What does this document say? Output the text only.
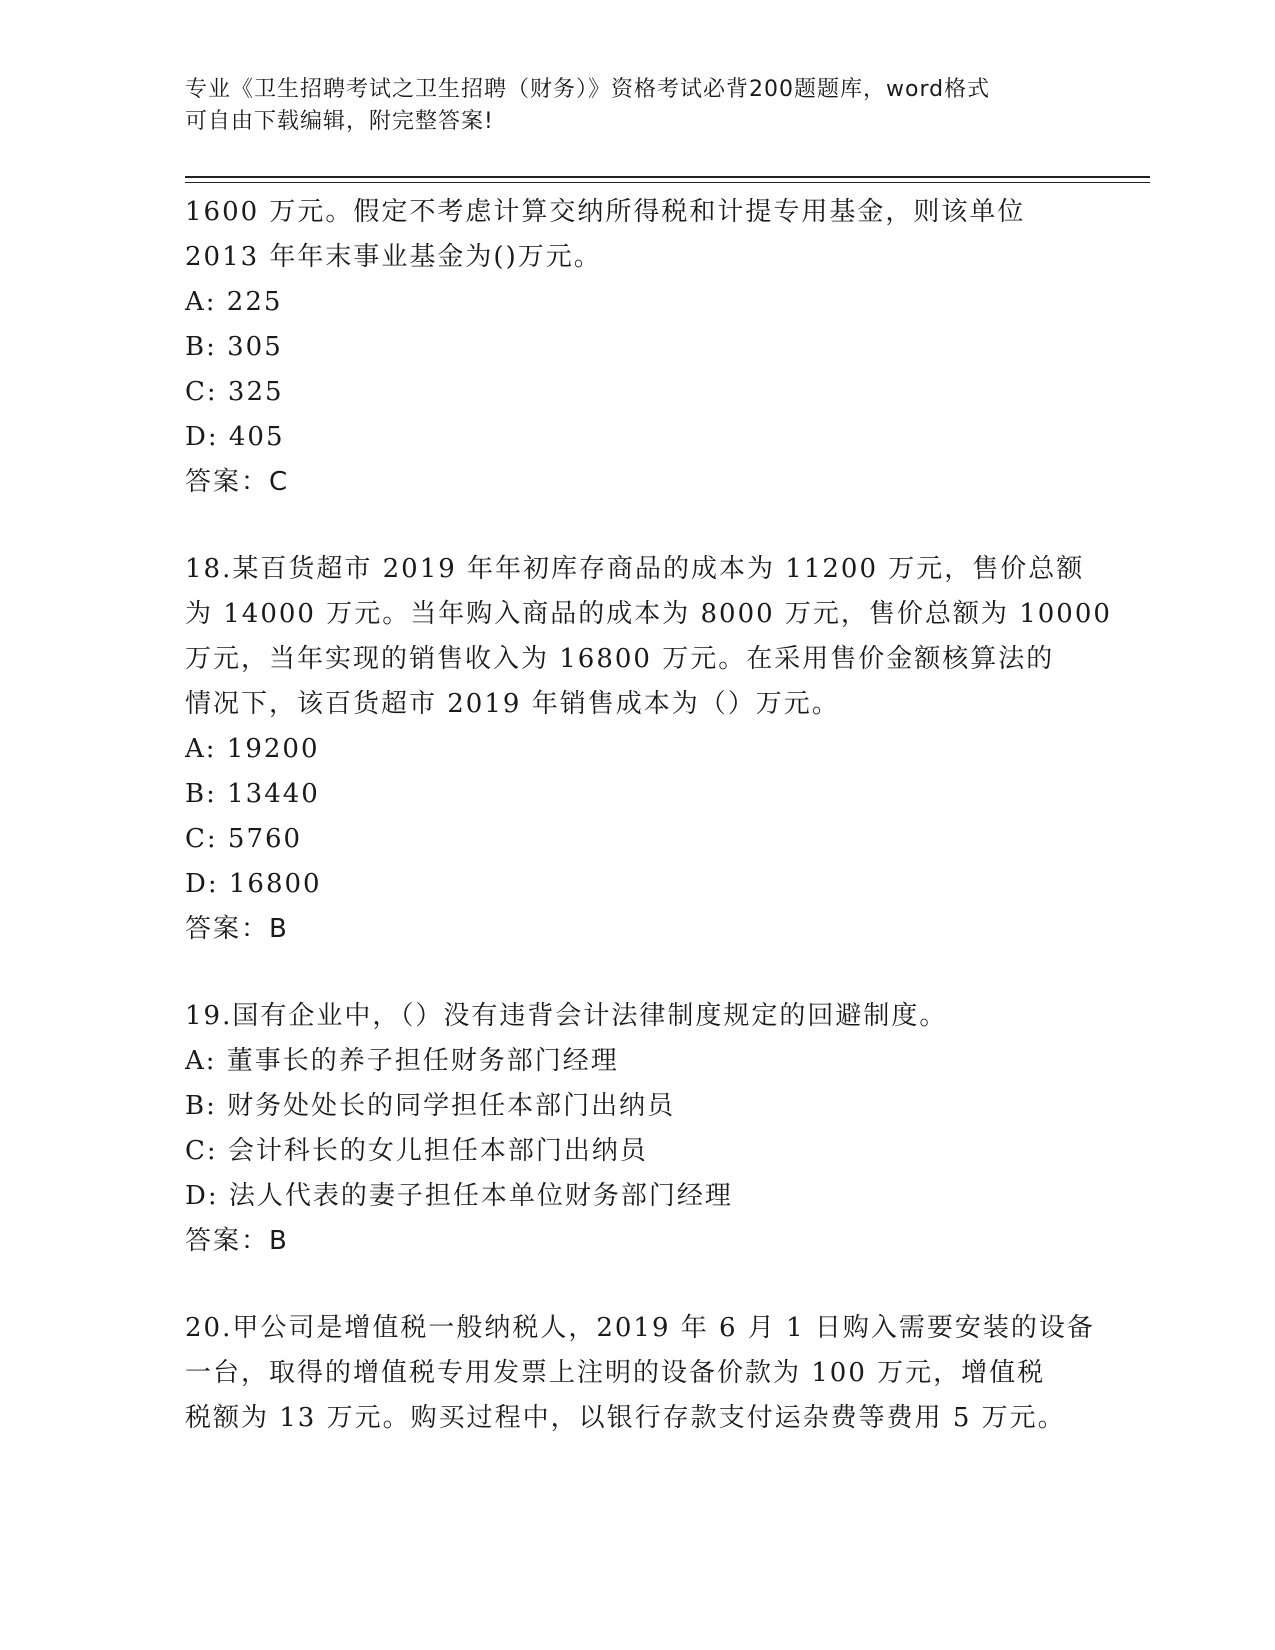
专业《卫生招聘考试之卫生招聘（财务）》资格考试必背200题题库，word格式

可自由下载编辑，附完整答案!

1600 万元。假定不考虑计算交纳所得税和计提专用基金，则该单位
2013 年年末事业基金为()万元。
A: 225
B: 305
C: 325
D: 405
答案：C
18.某百货超市 2019 年年初库存商品的成本为 11200 万元，售价总额
为 14000 万元。当年购入商品的成本为 8000 万元，售价总额为 10000
万元，当年实现的销售收入为 16800 万元。在采用售价金额核算法的
情况下，该百货超市 2019 年销售成本为（）万元。
A: 19200
B: 13440
C: 5760
D: 16800
答案：B
19.国有企业中，（）没有违背会计法律制度规定的回避制度。
A: 董事长的养子担任财务部门经理
B: 财务处处长的同学担任本部门出纳员
C: 会计科长的女儿担任本部门出纳员
D: 法人代表的妻子担任本单位财务部门经理
答案：B
20.甲公司是增值税一般纳税人，2019 年 6 月 1 日购入需要安装的设备
一台，取得的增值税专用发票上注明的设备价款为 100 万元，增值税
税额为 13 万元。购买过程中，以银行存款支付运杂费等费用 5 万元。
